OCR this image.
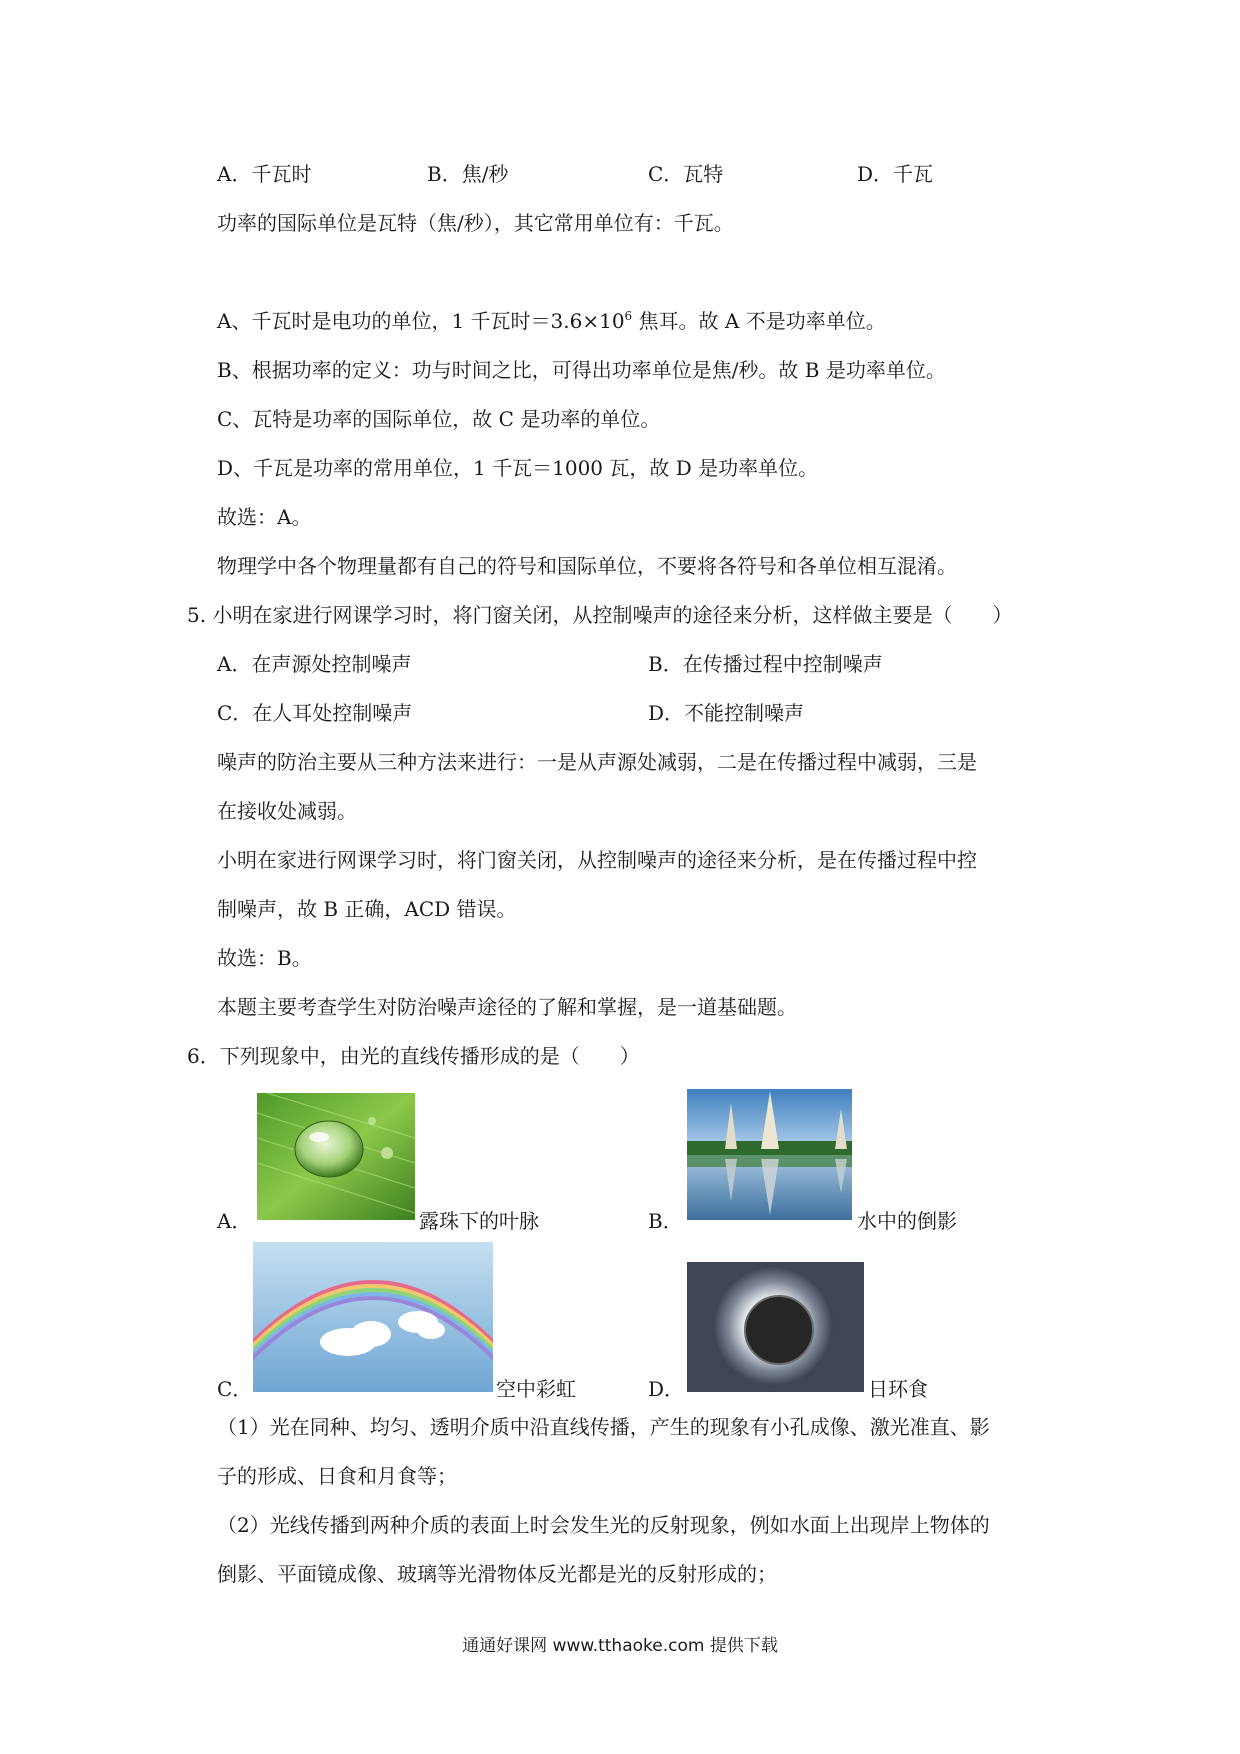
A．千瓦时	B．焦/秒	C．瓦特	D．千瓦
功率的国际单位是瓦特（焦/秒），其它常用单位有：千瓦。
A、千瓦时是电功的单位，1 千瓦时$=3.6\times 10^6$ 焦耳。故 A 不是功率单位。
B、根据功率的定义：功与时间之比，可得出功率单位是焦/秒。故 B 是功率单位。
C、瓦特是功率的国际单位，故 C 是功率的单位。
D、千瓦是功率的常用单位，1 千瓦＝1000 瓦，故 D 是功率单位。
故选：A。
物理学中各个物理量都有自己的符号和国际单位，不要将各符号和各单位相互混淆。
5. 小明在家进行网课学习时，将门窗关闭，从控制噪声的途径来分析，这样做主要是（　　）
A．在声源处控制噪声	B．在传播过程中控制噪声
C．在人耳处控制噪声	D．不能控制噪声
噪声的防治主要从三种方法来进行：一是从声源处减弱，二是在传播过程中减弱，三是
在接收处减弱。
小明在家进行网课学习时，将门窗关闭，从控制噪声的途径来分析，是在传播过程中控
制噪声，故 B 正确，ACD 错误。
故选：B。
本题主要考查学生对防治噪声途径的了解和掌握，是一道基础题。
6．下列现象中，由光的直线传播形成的是（　　）
A．	露珠下的叶脉	B．	水中的倒影
C．	空中彩虹	D．	日环食
（1）光在同种、均匀、透明介质中沿直线传播，产生的现象有小孔成像、激光准直、影
子的形成、日食和月食等；
（2）光线传播到两种介质的表面上时会发生光的反射现象，例如水面上出现岸上物体的
倒影、平面镜成像、玻璃等光滑物体反光都是光的反射形成的；
通通好课网 www.tthaoke.com 提供下载
